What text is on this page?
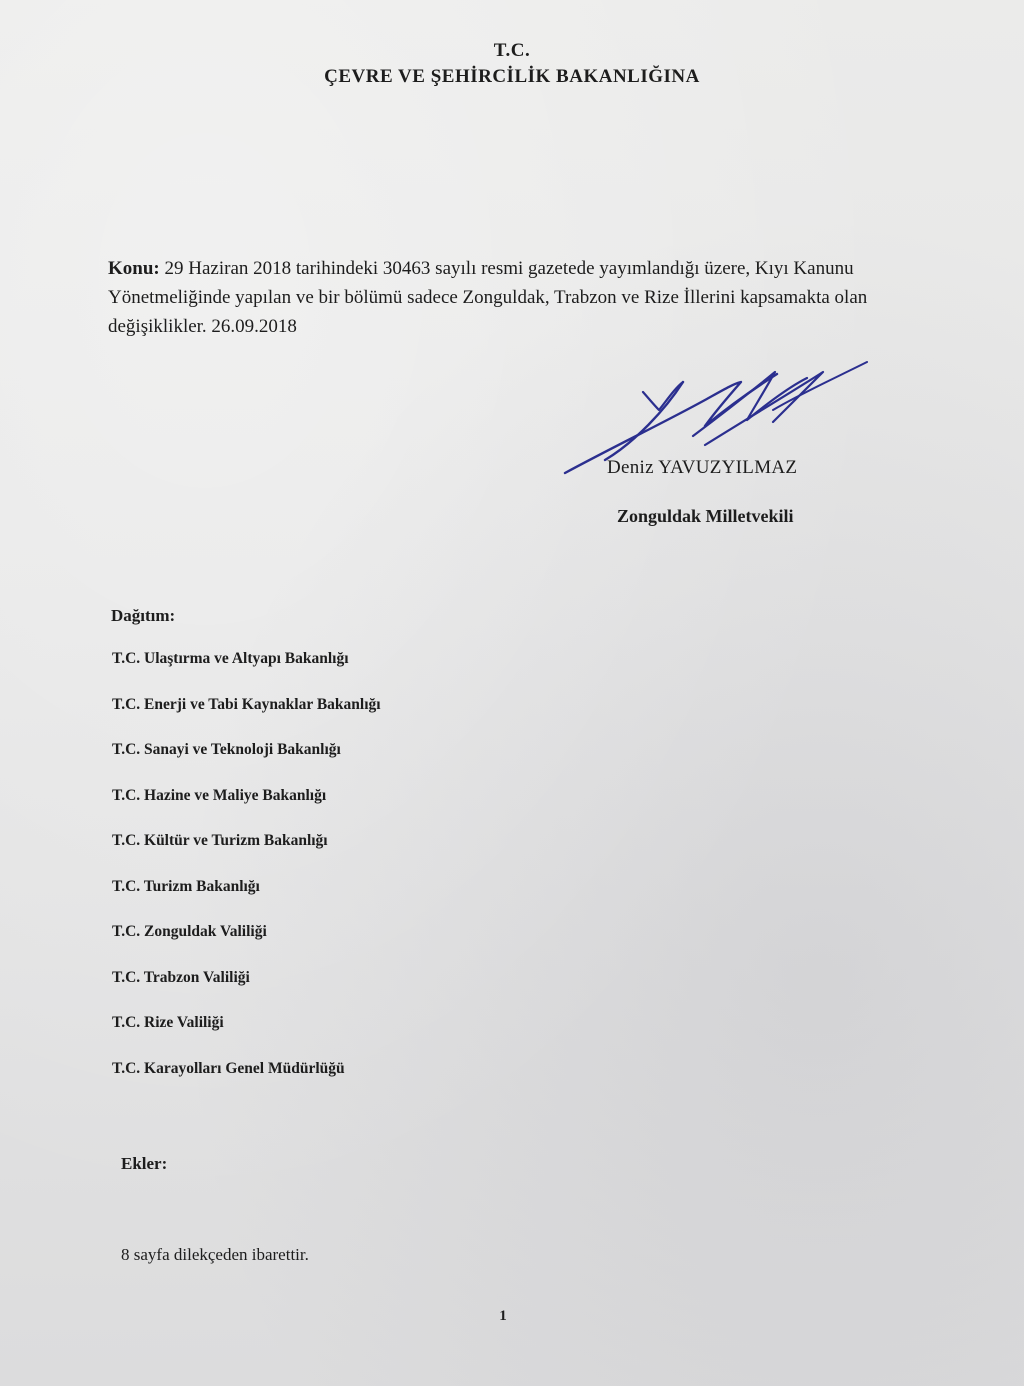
T.C.
ÇEVRE VE ŞEHİRCİLİK BAKANLIĞINA
Konu: 29 Haziran 2018 tarihindeki 30463 sayılı resmi gazetede yayımlandığı üzere, Kıyı Kanunu Yönetmeliğinde yapılan ve bir bölümü sadece Zonguldak, Trabzon ve Rize İllerini kapsamakta olan değişiklikler. 26.09.2018
Deniz YAVUZYILMAZ
Zonguldak Milletvekili
Dağıtım:
T.C. Ulaştırma ve Altyapı Bakanlığı
T.C. Enerji ve Tabi Kaynaklar Bakanlığı
T.C. Sanayi ve Teknoloji Bakanlığı
T.C. Hazine ve Maliye Bakanlığı
T.C. Kültür ve Turizm Bakanlığı
T.C. Turizm Bakanlığı
T.C. Zonguldak Valiliği
T.C. Trabzon Valiliği
T.C. Rize Valiliği
T.C. Karayolları Genel Müdürlüğü
Ekler:
8 sayfa dilekçeden ibarettir.
1
